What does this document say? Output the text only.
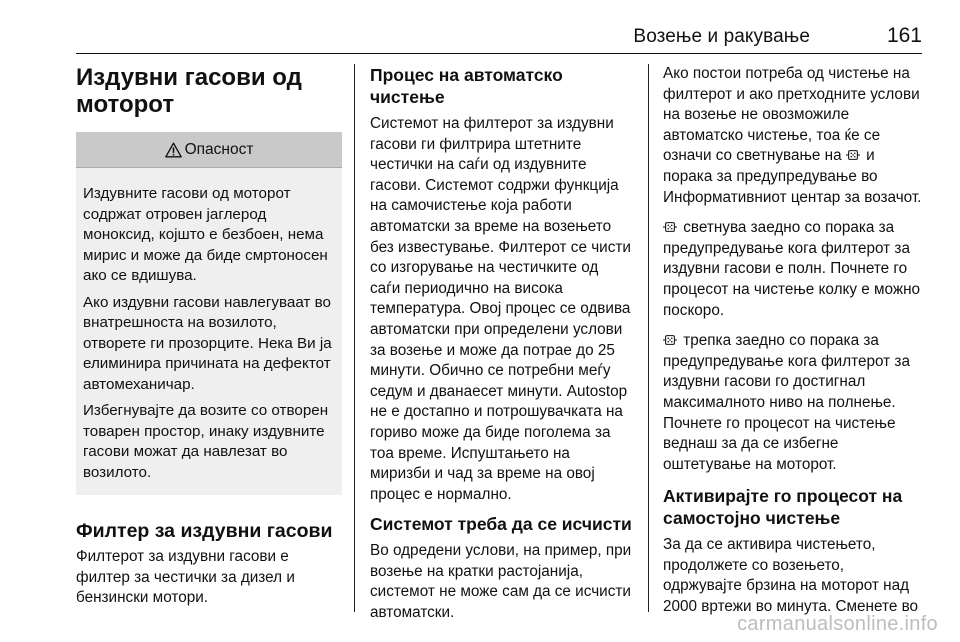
Возење и ракување	161
Издувни гасови од моторот
Опасност

Издувните гасови од моторот содржат отровен јаглерод моноксид, којшто е безбоен, нема мирис и може да биде смртоносен ако се вдишува.

Ако издувни гасови навлегуваат во внатрешноста на возилото, отворете ги прозорците. Нека Ви ја елиминира причината на дефектот автомеханичар.

Избегнувајте да возите со отворен товарен простор, инаку издувните гасови можат да навлезат во возилото.

Филтер за издувни гасови

Филтерот за издувни гасови е филтер за честички за дизел и бензински мотори.

Процес на автоматско чистење

Системот на филтерот за издувни гасови ги филтрира штетните честички на саѓи од издувните гасови. Системот содржи функција на самочистење која работи автоматски за време на возењето без известување. Филтерот се чисти со изгорување на честичките од саѓи периодично на висока температура. Овој процес се одвива автоматски при определени услови за возење и може да потрае до 25 минути. Обично се потребни меѓу седум и дванаесет минути. Autostop не е достапно и потрошувачката на гориво може да биде поголема за тоа време. Испуштањето на миризби и чад за време на овој процес е нормално.

Системот треба да се исчисти

Во одредени услови, на пример, при возење на кратки растојанија, системот не може сам да се исчисти автоматски.

Ако постои потреба од чистење на филтерот и ако претходните услови на возење не овозможиле автоматско чистење, тоа ќе се означи со светнување на и порака за предупредување во Информативниот центар за возачот.

светнува заедно со порака за предупредување кога филтерот за издувни гасови е полн. Почнете го процесот на чистење колку е можно поскоро.

трепка заедно со порака за предупредување кога филтерот за издувни гасови го достигнал максималното ниво на полнење. Почнете го процесот на чистење веднаш за да се избегне оштетување на моторот.

Активирајте го процесот на самостојно чистење

За да се активира чистењето, продолжете со возењето, одржувајте брзина на моторот над 2000 вртежи во минута. Сменете во

carmanualsonline.info
